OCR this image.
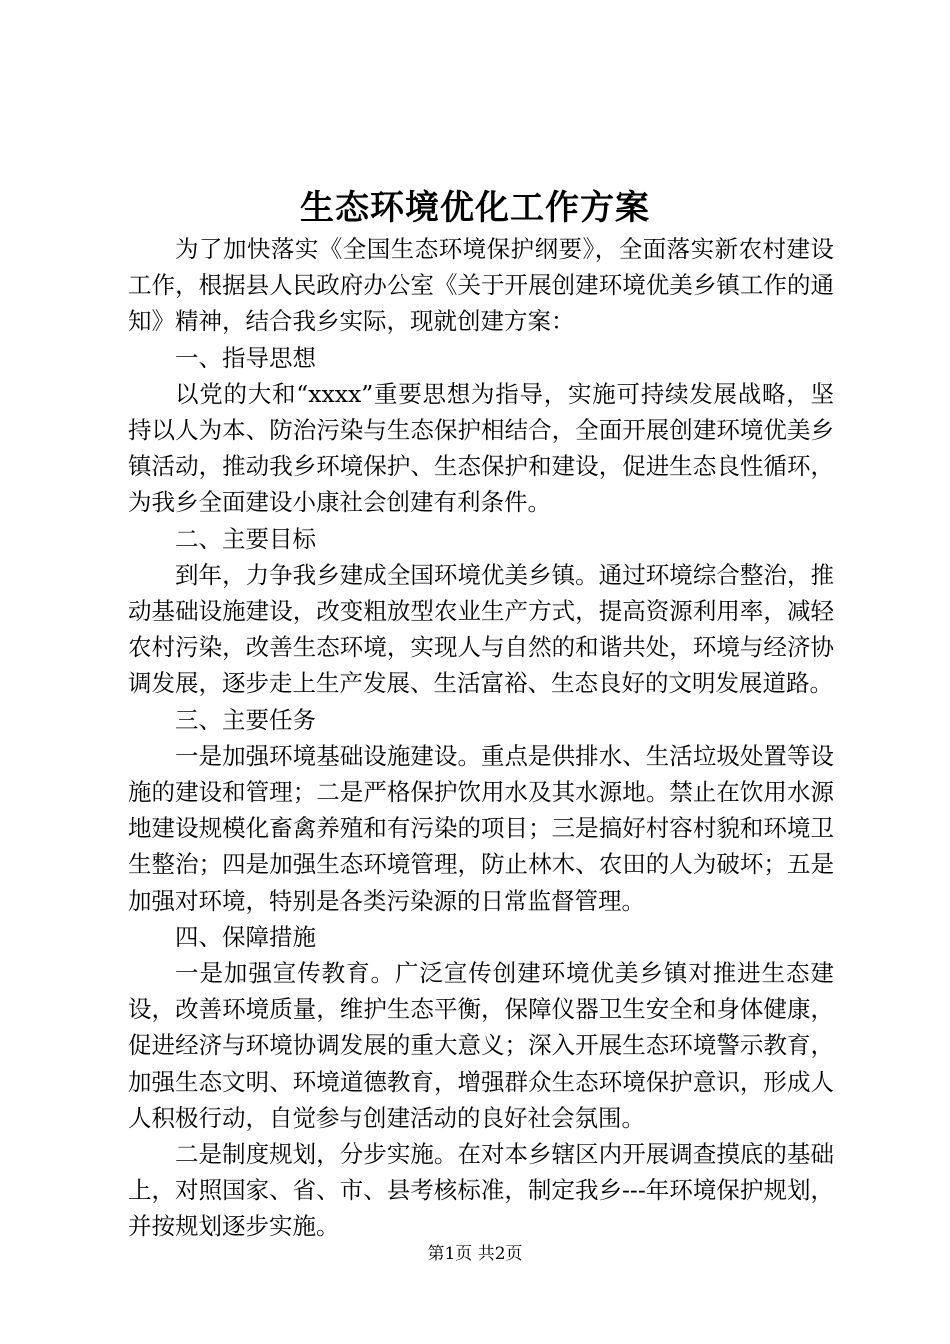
生态环境优化工作方案

为了加快落实《全国生态环境保护纲要》，全面落实新农村建设工作，根据县人民政府办公室《关于开展创建环境优美乡镇工作的通知》精神，结合我乡实际，现就创建方案：

一、指导思想

以党的大和“xxxx”重要思想为指导，实施可持续发展战略，坚持以人为本、防治污染与生态保护相结合，全面开展创建环境优美乡镇活动，推动我乡环境保护、生态保护和建设，促进生态良性循环，为我乡全面建设小康社会创建有利条件。

二、主要目标

到年，力争我乡建成全国环境优美乡镇。通过环境综合整治，推动基础设施建设，改变粗放型农业生产方式，提高资源利用率，减轻农村污染，改善生态环境，实现人与自然的和谐共处，环境与经济协调发展，逐步走上生产发展、生活富裕、生态良好的文明发展道路。

三、主要任务

一是加强环境基础设施建设。重点是供排水、生活垃圾处置等设施的建设和管理；二是严格保护饮用水及其水源地。禁止在饮用水源地建设规模化畜禽养殖和有污染的项目；三是搞好村容村貌和环境卫生整治；四是加强生态环境管理，防止林木、农田的人为破坏；五是加强对环境，特别是各类污染源的日常监督管理。

四、保障措施

一是加强宣传教育。广泛宣传创建环境优美乡镇对推进生态建设，改善环境质量，维护生态平衡，保障仪器卫生安全和身体健康，促进经济与环境协调发展的重大意义；深入开展生态环境警示教育，加强生态文明、环境道德教育，增强群众生态环境保护意识，形成人人积极行动，自觉参与创建活动的良好社会氛围。

二是制度规划，分步实施。在对本乡辖区内开展调查摸底的基础上，对照国家、省、市、县考核标准，制定我乡---年环境保护规划，并按规划逐步实施。

第1页 共2页
